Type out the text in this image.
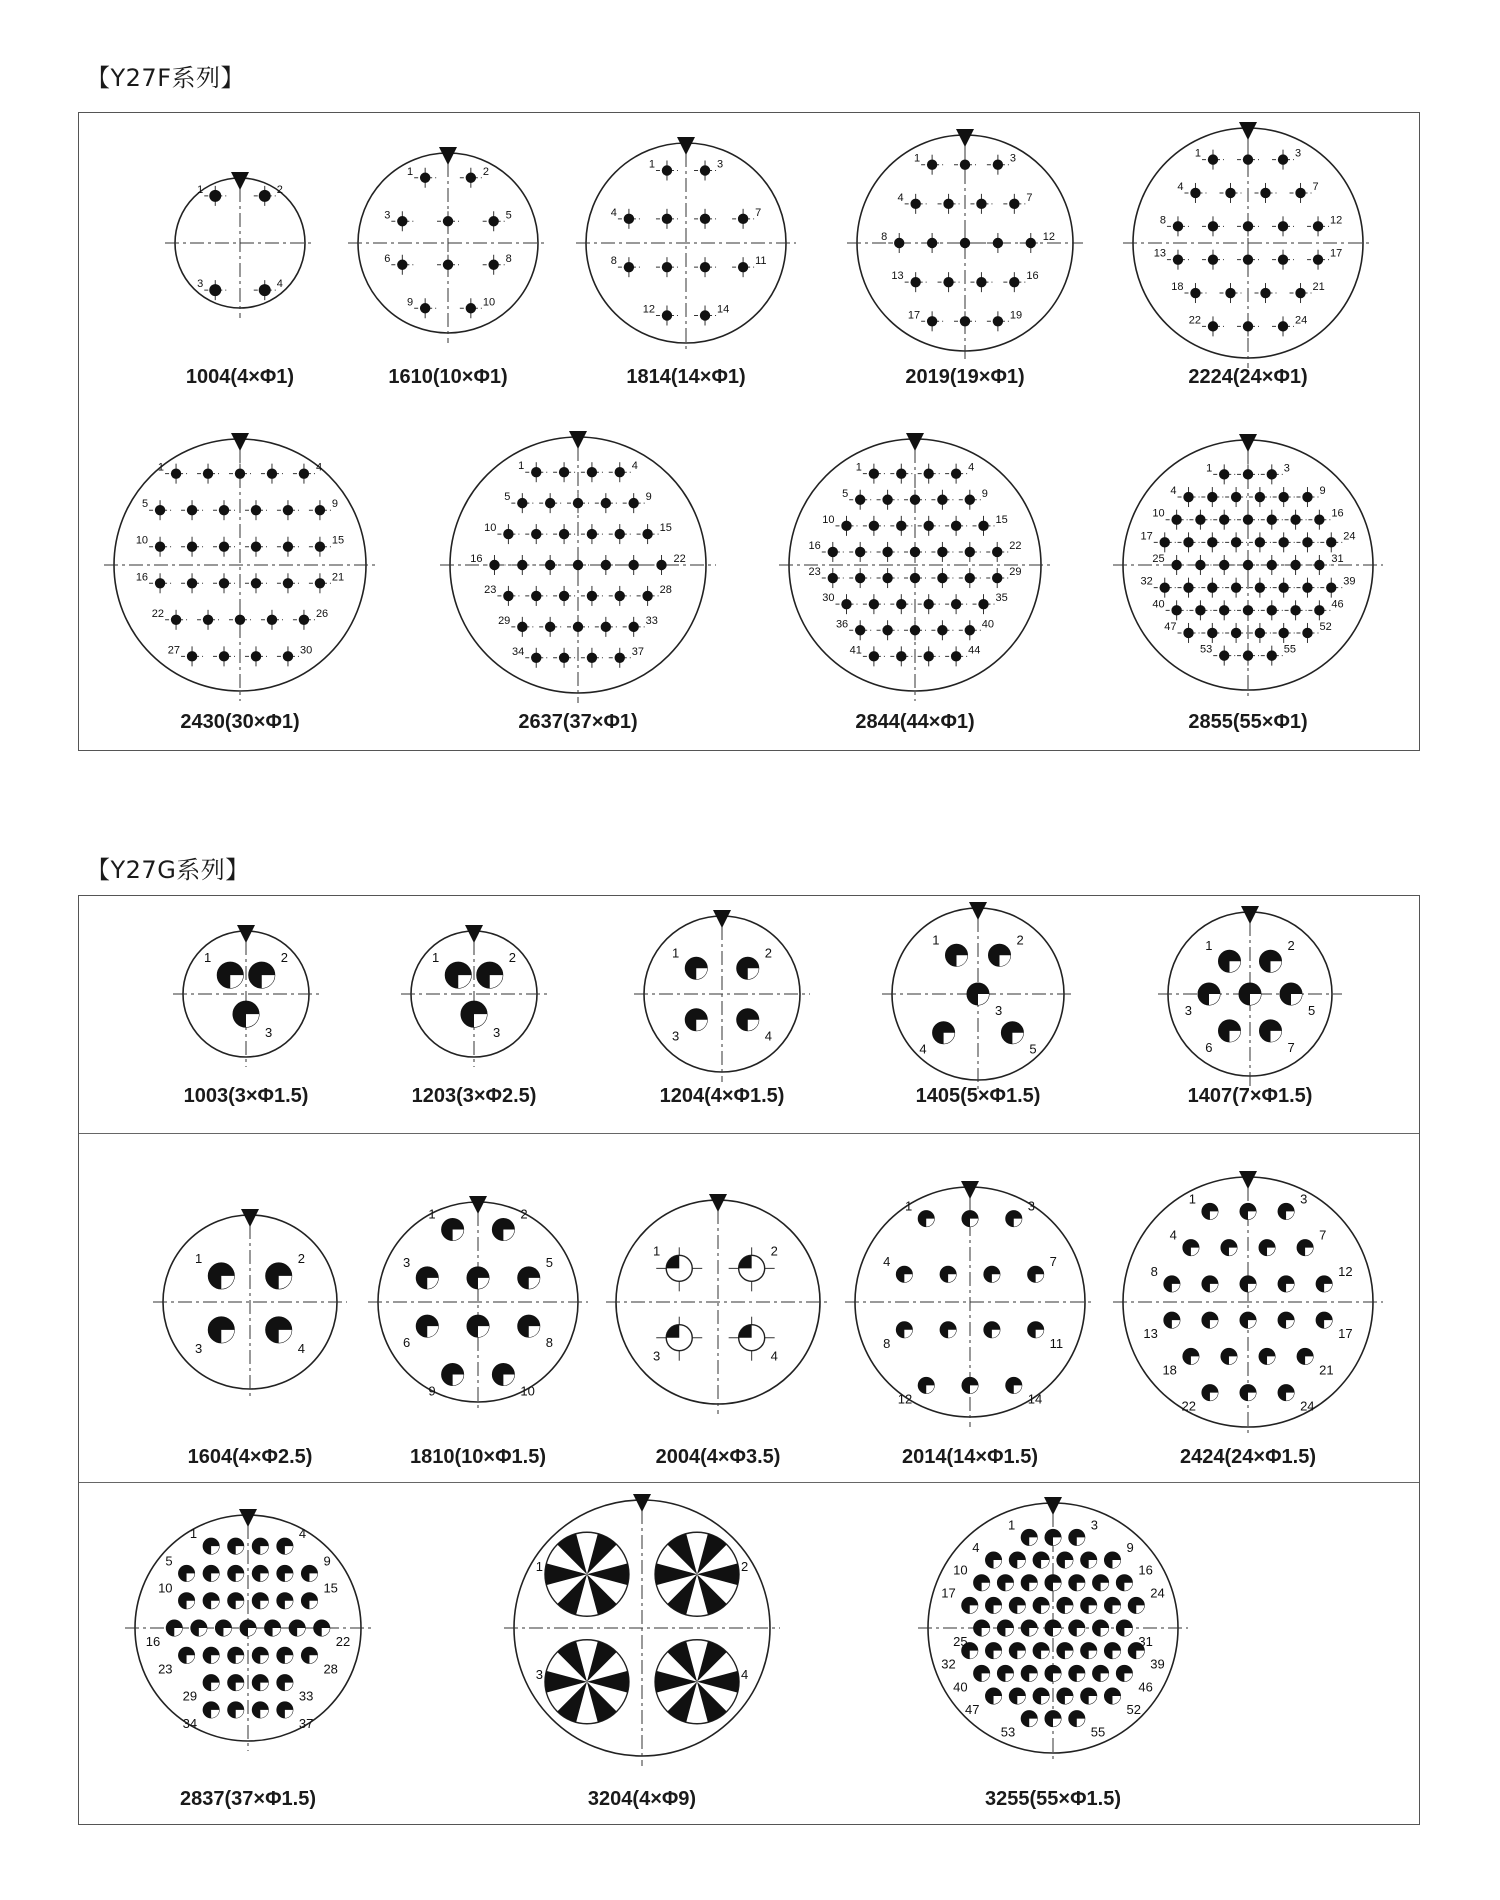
【Y27F系列】
【Y27G系列】
1	2
3	4
1004(4×Φ1)
1	2
3	5
6	8
9	10
1610(10×Φ1)
1	3
4	7
8	11
12	14
1814(14×Φ1)
1	3
4	7
8	12
13	16
17	19
2019(19×Φ1)
1	3
4	7
8	12
13	17
18	21
22	24
2224(24×Φ1)
1	4
5	9
10	15
16	21
22	26
27	30
2430(30×Φ1)
1	4
5	9
10	15
16	22
23	28
29	33
34	37
2637(37×Φ1)
1	4
5	9
10	15
16	22
23	29
30	35
36	40
41	44
2844(44×Φ1)
1	3
4	9
10	16
17	24
25	31
32	39
40	46
47	52
53	55
2855(55×Φ1)
1	2
3
1003(3×Φ1.5)
1	2
3
1203(3×Φ2.5)
1	2
3	4
1204(4×Φ1.5)
1	2
3
4	5
1405(5×Φ1.5)
1	2
3	5
6	7
1407(7×Φ1.5)
1	2
3	4
1604(4×Φ2.5)
1	2
3	5
6	8
9	10
1810(10×Φ1.5)
1	2
3	4
2004(4×Φ3.5)
1	3
4	7
8	11
12	14
2014(14×Φ1.5)
1	3
4	7
8	12
13	17
18	21
22	24
2424(24×Φ1.5)
1	4
5	9
10	15
16	22
23	28
29	33
34	37
2837(37×Φ1.5)
1	2
3	4
3204(4×Φ9)
1	3
4	9
10	16
17	24
25	31
32	39
40	46
47	52
53	55
3255(55×Φ1.5)
